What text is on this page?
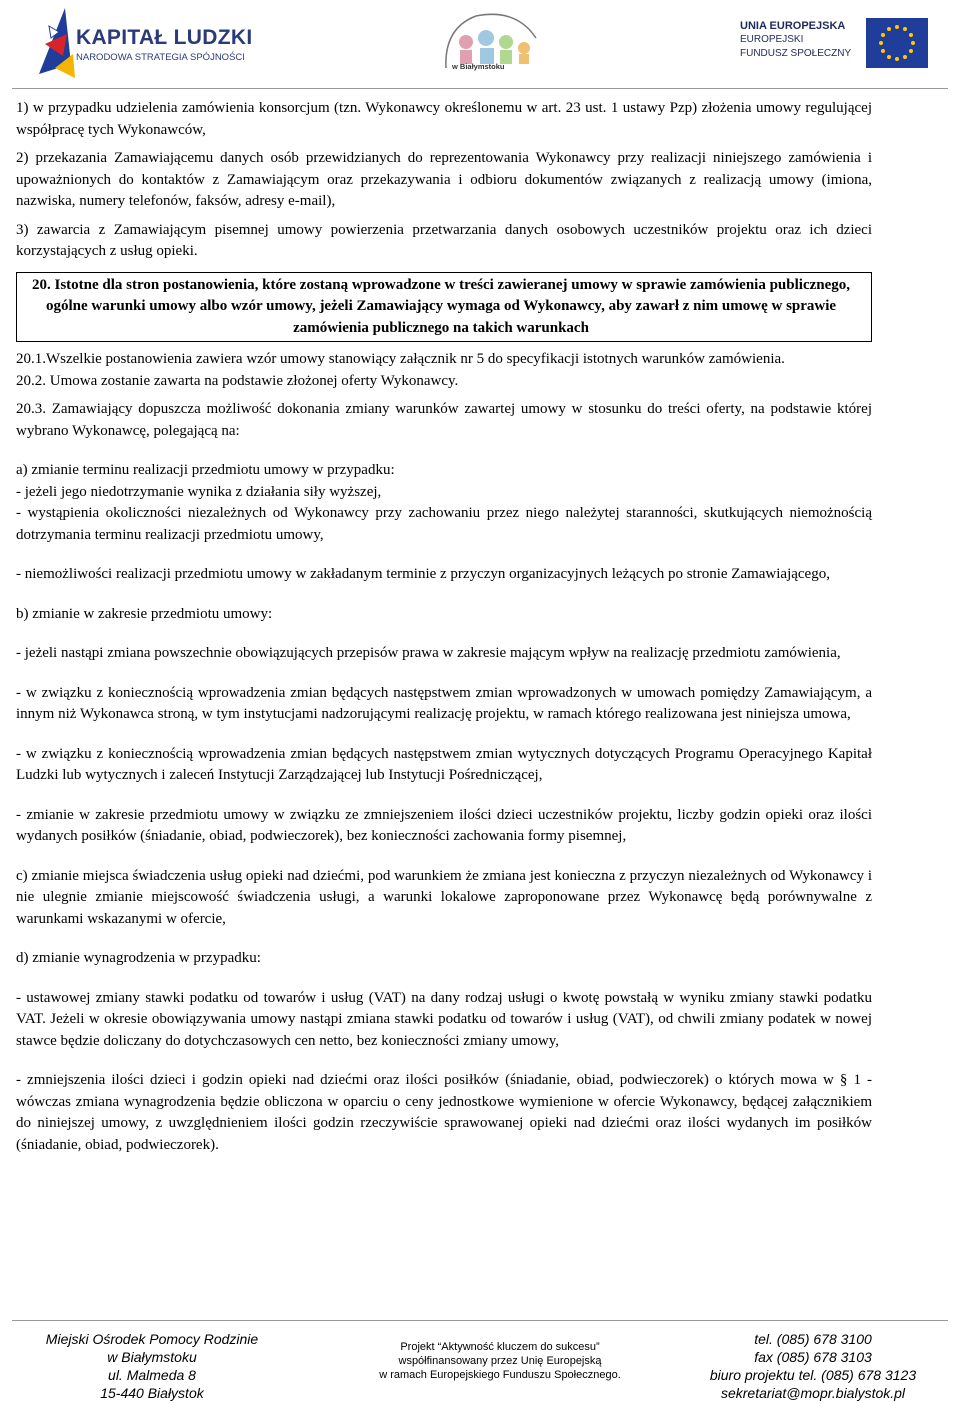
KAPITAŁ LUDZKI
NARODOWA STRATEGIA SPÓJNOŚCI
w Białymstoku
UNIA EUROPEJSKA
EUROPEJSKI
FUNDUSZ SPOŁECZNY

1) w przypadku udzielenia zamówienia konsorcjum (tzn. Wykonawcy określonemu w art. 23 ust. 1 ustawy Pzp) złożenia umowy regulującej współpracę tych Wykonawców,

2) przekazania Zamawiającemu danych osób przewidzianych do reprezentowania Wykonawcy przy realizacji niniejszego zamówienia i upoważnionych do kontaktów z Zamawiającym oraz przekazywania i odbioru dokumentów związanych z realizacją umowy (imiona, nazwiska, numery telefonów, faksów, adresy e-mail),

3) zawarcia z Zamawiającym pisemnej umowy powierzenia przetwarzania danych osobowych uczestników projektu oraz ich dzieci korzystających z usług opieki.

20. Istotne dla stron postanowienia, które zostaną wprowadzone w treści zawieranej umowy w sprawie zamówienia publicznego, ogólne warunki umowy albo wzór umowy, jeżeli Zamawiający wymaga od Wykonawcy, aby zawarł z nim umowę w sprawie zamówienia publicznego na takich warunkach

20.1.Wszelkie postanowienia zawiera wzór umowy stanowiący załącznik nr 5 do specyfikacji istotnych warunków zamówienia.

20.2. Umowa zostanie zawarta na podstawie złożonej oferty Wykonawcy.

20.3. Zamawiający dopuszcza możliwość dokonania zmiany warunków zawartej umowy w stosunku do treści oferty, na podstawie której wybrano Wykonawcę, polegającą na:

a) zmianie terminu realizacji przedmiotu umowy w przypadku:

- jeżeli jego niedotrzymanie wynika z działania siły wyższej,

- wystąpienia okoliczności niezależnych od Wykonawcy przy zachowaniu przez niego należytej staranności, skutkujących niemożnością dotrzymania terminu realizacji przedmiotu umowy,

- niemożliwości realizacji przedmiotu umowy w zakładanym terminie z przyczyn organizacyjnych leżących po stronie Zamawiającego,

b) zmianie w zakresie przedmiotu umowy:

- jeżeli nastąpi zmiana powszechnie obowiązujących przepisów prawa w zakresie mającym wpływ na realizację przedmiotu zamówienia,

- w związku z koniecznością wprowadzenia zmian będących następstwem zmian wprowadzonych w umowach pomiędzy Zamawiającym, a innym niż Wykonawca stroną, w tym instytucjami nadzorującymi realizację projektu, w ramach którego realizowana jest niniejsza umowa,

- w związku z koniecznością wprowadzenia zmian będących następstwem zmian wytycznych dotyczących Programu Operacyjnego Kapitał Ludzki lub wytycznych i zaleceń Instytucji Zarządzającej lub Instytucji Pośredniczącej,

- zmianie w zakresie przedmiotu umowy w związku ze zmniejszeniem ilości dzieci uczestników projektu, liczby godzin opieki oraz ilości wydanych posiłków (śniadanie, obiad, podwieczorek), bez konieczności zachowania formy pisemnej,

c) zmianie miejsca świadczenia usług opieki nad dziećmi, pod warunkiem że zmiana jest konieczna z przyczyn niezależnych od Wykonawcy i nie ulegnie zmianie miejscowość świadczenia usługi, a warunki lokalowe zaproponowane przez Wykonawcę będą porównywalne z warunkami wskazanymi w ofercie,

d) zmianie wynagrodzenia w przypadku:

- ustawowej zmiany stawki podatku od towarów i usług (VAT) na dany rodzaj usługi o kwotę powstałą w wyniku zmiany stawki podatku VAT. Jeżeli w okresie obowiązywania umowy nastąpi zmiana stawki podatku od towarów i usług (VAT), od chwili zmiany podatek w nowej stawce będzie doliczany do dotychczasowych cen netto, bez konieczności zmiany umowy,

- zmniejszenia ilości dzieci i godzin opieki nad dziećmi oraz ilości posiłków (śniadanie, obiad, podwieczorek) o których mowa w § 1 - wówczas zmiana wynagrodzenia będzie obliczona w oparciu o ceny jednostkowe wymienione w ofercie Wykonawcy, będącej załącznikiem do niniejszej umowy, z uwzględnieniem ilości godzin rzeczywiście sprawowanej opieki nad dziećmi oraz ilości wydanych im posiłków (śniadanie, obiad, podwieczorek).

Miejski Ośrodek Pomocy Rodzinie
w Białymstoku
ul. Malmeda 8
15-440 Białystok
Projekt “Aktywność kluczem do sukcesu”
współfinansowany przez Unię Europejską
w ramach Europejskiego Funduszu Społecznego.
tel. (085) 678 3100
fax (085) 678 3103
biuro projektu tel. (085) 678 3123
sekretariat@mopr.bialystok.pl
